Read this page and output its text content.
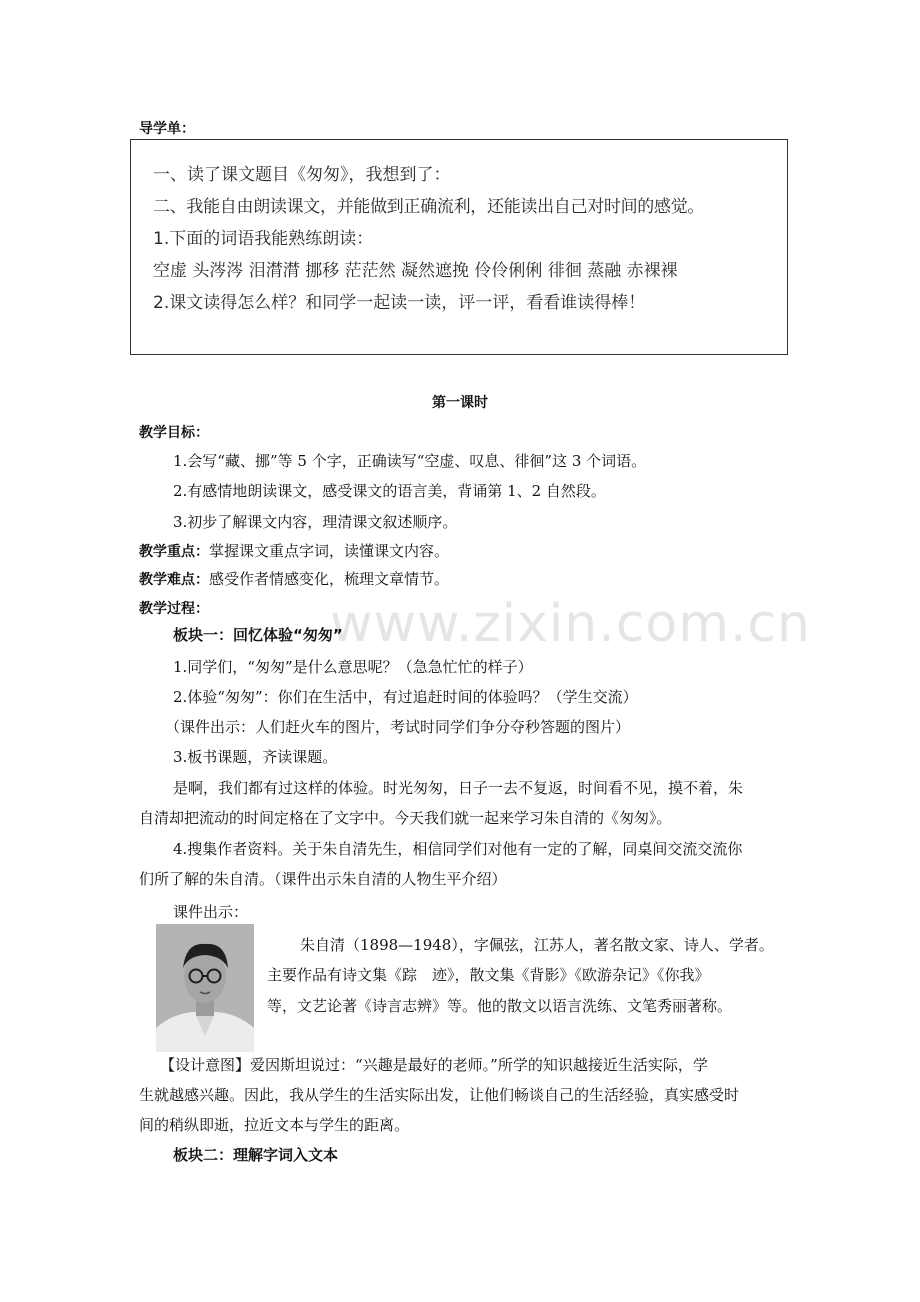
导学单：
一、读了课文题目《匆匆》，我想到了：
二、我能自由朗读课文，并能做到正确流利，还能读出自己对时间的感觉。
1.下面的词语我能熟练朗读：
空虚 头涔涔 泪潸潸 挪移 茫茫然 凝然遮挽 伶伶俐俐 徘徊 蒸融 赤裸裸
2.课文读得怎么样？和同学一起读一读，评一评，看看谁读得棒！
第一课时
教学目标：
1.会写“藏、挪”等 5 个字，正确读写“空虚、叹息、徘徊”这 3 个词语。
2.有感情地朗读课文，感受课文的语言美，背诵第 1、2 自然段。
3.初步了解课文内容，理清课文叙述顺序。
教学重点：掌握课文重点字词，读懂课文内容。
教学难点：感受作者情感变化，梳理文章情节。
教学过程： www.zixin.com.cn
板块一：回忆体验“匆匆”
1.同学们，“匆匆”是什么意思呢？（急急忙忙的样子）
2.体验“匆匆”：你们在生活中，有过追赶时间的体验吗？（学生交流）
（课件出示：人们赶火车的图片，考试时同学们争分夺秒答题的图片）
3.板书课题，齐读课题。
是啊，我们都有过这样的体验。时光匆匆，日子一去不复返，时间看不见，摸不着，朱
自清却把流动的时间定格在了文字中。今天我们就一起来学习朱自清的《匆匆》。
4.搜集作者资料。关于朱自清先生，相信同学们对他有一定的了解，同桌间交流交流你
们所了解的朱自清。（课件出示朱自清的人物生平介绍）
课件出示：
朱自清（1898—1948），字佩弦，江苏人，著名散文家、诗人、学者。
主要作品有诗文集《踪　迹》，散文集《背影》《欧游杂记》《你我》
等，文艺论著《诗言志辨》等。他的散文以语言洗练、文笔秀丽著称。
【设计意图】爱因斯坦说过：“兴趣是最好的老师。”所学的知识越接近生活实际，学
生就越感兴趣。因此，我从学生的生活实际出发，让他们畅谈自己的生活经验，真实感受时
间的稍纵即逝，拉近文本与学生的距离。
板块二：理解字词入文本
